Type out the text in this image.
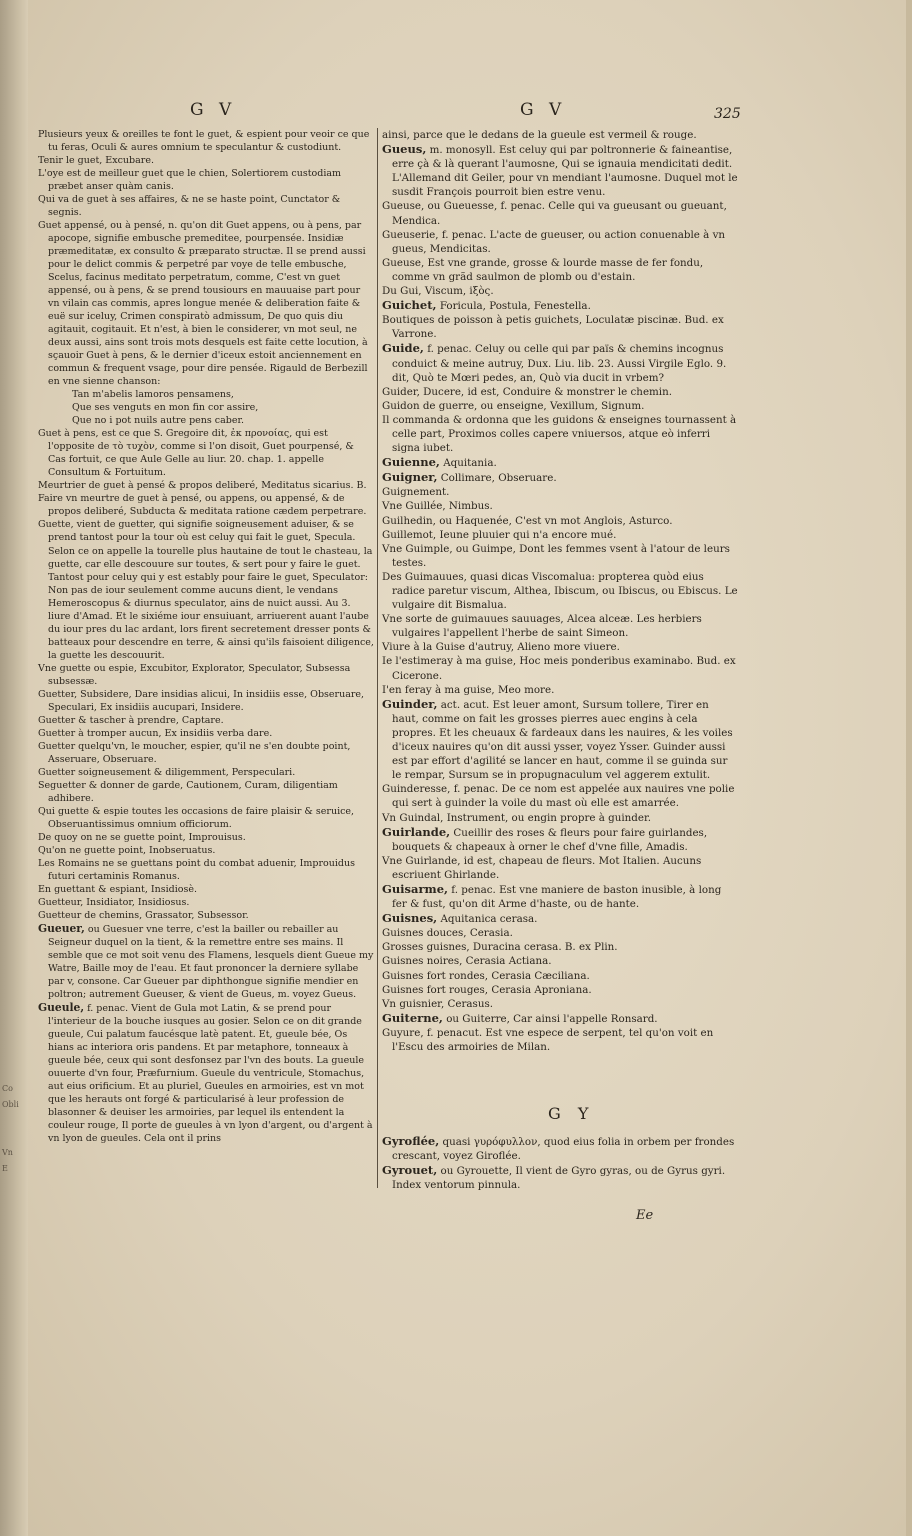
G V	G V	325
Co
Obli
Vn
E

Plusieurs yeux & oreilles te font le guet, & espient pour veoir ce que tu feras, Oculi & aures omnium te speculantur & custodiunt.

Tenir le guet, Excubare.

L'oye est de meilleur guet que le chien, Solertiorem custodiam præbet anser quàm canis.

Qui va de guet à ses affaires, & ne se haste point, Cunctator & segnis.

Guet appensé, ou à pensé, n. qu'on dit Guet appens, ou à pens, par apocope, signifie embusche premeditee, pourpensée. Insidiæ præmeditatæ, ex consulto & præparato structæ. Il se prend aussi pour le delict commis & perpetré par voye de telle embusche, Scelus, facinus meditato perpetratum, comme, C'est vn guet appensé, ou à pens, & se prend tousiours en mauuaise part pour vn vilain cas commis, apres longue menée & deliberation faite & euë sur iceluy, Crimen conspiratò admissum, De quo quis diu agitauit, cogitauit. Et n'est, à bien le considerer, vn mot seul, ne deux aussi, ains sont trois mots desquels est faite cette locution, à sçauoir Guet à pens, & le dernier d'iceux estoit anciennement en commun & frequent vsage, pour dire pensée. Rigauld de Berbezill en vne sienne chanson:

Tan m'abelis lamoros pensamens,

Que ses venguts en mon fin cor assire,

Que no i pot nuils autre pens caber.

Guet à pens, est ce que S. Gregoire dit, ἐκ προνοίας, qui est l'opposite de τὸ τυχὸν, comme si l'on disoit, Guet pourpensé, & Cas fortuit, ce que Aule Gelle au liur. 20. chap. 1. appelle Consultum & Fortuitum.

Meurtrier de guet à pensé & propos deliberé, Meditatus sicarius. B.

Faire vn meurtre de guet à pensé, ou appens, ou appensé, & de propos deliberé, Subducta & meditata ratione cædem perpetrare.

Guette, vient de guetter, qui signifie soigneusement aduiser, & se prend tantost pour la tour où est celuy qui fait le guet, Specula. Selon ce on appelle la tourelle plus hautaine de tout le chasteau, la guette, car elle descouure sur toutes, & sert pour y faire le guet. Tantost pour celuy qui y est estably pour faire le guet, Speculator: Non pas de iour seulement comme aucuns dient, le vendans Hemeroscopus & diurnus speculator, ains de nuict aussi. Au 3. liure d'Amad. Et le sixiéme iour ensuiuant, arriuerent auant l'aube du iour pres du lac ardant, lors firent secretement dresser ponts & batteaux pour descendre en terre, & ainsi qu'ils faisoient diligence, la guette les descouurit.

Vne guette ou espie, Excubitor, Explorator, Speculator, Subsessa subsessæ.

Guetter, Subsidere, Dare insidias alicui, In insidiis esse, Obseruare, Speculari, Ex insidiis aucupari, Insidere.

Guetter & tascher à prendre, Captare.

Guetter à tromper aucun, Ex insidiis verba dare.

Guetter quelqu'vn, le moucher, espier, qu'il ne s'en doubte point, Asseruare, Obseruare.

Guetter soigneusement & diligemment, Perspeculari.

Seguetter & donner de garde, Cautionem, Curam, diligentiam adhibere.

Qui guette & espie toutes les occasions de faire plaisir & seruice, Obseruantissimus omnium officiorum.

De quoy on ne se guette point, Improuisus.

Qu'on ne guette point, Inobseruatus.

Les Romains ne se guettans point du combat aduenir, Improuidus futuri certaminis Romanus.

En guettant & espiant, Insidiosè.

Guetteur, Insidiator, Insidiosus.

Guetteur de chemins, Grassator, Subsessor.

Gueuer, ou Guesuer vne terre, c'est la bailler ou rebailler au Seigneur duquel on la tient, & la remettre entre ses mains. Il semble que ce mot soit venu des Flamens, lesquels dient Gueue my Watre, Baille moy de l'eau. Et faut prononcer la derniere syllabe par v, consone. Car Gueuer par diphthongue signifie mendier en poltron; autrement Gueuser, & vient de Gueus, m. voyez Gueus.

Gueule, f. penac. Vient de Gula mot Latin, & se prend pour l'interieur de la bouche iusques au gosier. Selon ce on dit grande gueule, Cui palatum faucésque latè patent. Et, gueule bée, Os hians ac interiora oris pandens. Et par metaphore, tonneaux à gueule bée, ceux qui sont desfonsez par l'vn des bouts. La gueule ouuerte d'vn four, Præfurnium. Gueule du ventricule, Stomachus, aut eius orificium. Et au pluriel, Gueules en armoiries, est vn mot que les herauts ont forgé & particularisé à leur profession de blasonner & deuiser les armoiries, par lequel ils entendent la couleur rouge, Il porte de gueules à vn lyon d'argent, ou d'argent à vn lyon de gueules. Cela ont il prins

ainsi, parce que le dedans de la gueule est vermeil & rouge.

Gueus, m. monosyll. Est celuy qui par poltronnerie & faineantise, erre çà & là querant l'aumosne, Qui se ignauia mendicitati dedit. L'Allemand dit Geiler, pour vn mendiant l'aumosne. Duquel mot le susdit François pourroit bien estre venu.

Gueuse, ou Gueuesse, f. penac. Celle qui va gueusant ou gueuant, Mendica.

Gueuserie, f. penac. L'acte de gueuser, ou action conuenable à vn gueus, Mendicitas.

Gueuse, Est vne grande, grosse & lourde masse de fer fondu, comme vn grãd saulmon de plomb ou d'estain.

Du Gui, Viscum, iξὸς.

Guichet, Foricula, Postula, Fenestella.

Boutiques de poisson à petis guichets, Loculatæ piscinæ. Bud. ex Varrone.

Guide, f. penac. Celuy ou celle qui par païs & chemins incognus conduict & meine autruy, Dux. Liu. lib. 23. Aussi Virgile Eglo. 9. dit, Quò te Mœri pedes, an, Quò via ducit in vrbem?

Guider, Ducere, id est, Conduire & monstrer le chemin.

Guidon de guerre, ou enseigne, Vexillum, Signum.

Il commanda & ordonna que les guidons & enseignes tournassent à celle part, Proximos colles capere vniuersos, atque eò inferri signa iubet.

Guienne, Aquitania.

Guigner, Collimare, Obseruare.

Guignement.

Vne Guillée, Nimbus.

Guilhedin, ou Haquenée, C'est vn mot Anglois, Asturco.

Guillemot, Ieune pluuier qui n'a encore mué.

Vne Guimple, ou Guimpe, Dont les femmes vsent à l'atour de leurs testes.

Des Guimauues, quasi dicas Viscomalua: propterea quòd eius radice paretur viscum, Althea, Ibiscum, ou Ibiscus, ou Ebiscus. Le vulgaire dit Bismalua.

Vne sorte de guimauues sauuages, Alcea alceæ. Les herbiers vulgaires l'appellent l'herbe de saint Simeon.

Viure à la Guise d'autruy, Alieno more viuere.

Ie l'estimeray à ma guise, Hoc meis ponderibus examinabo. Bud. ex Cicerone.

I'en feray à ma guise, Meo more.

Guinder, act. acut. Est leuer amont, Sursum tollere, Tirer en haut, comme on fait les grosses pierres auec engins à cela propres. Et les cheuaux & fardeaux dans les nauires, & les voiles d'iceux nauires qu'on dit aussi ysser, voyez Ysser. Guinder aussi est par effort d'agilité se lancer en haut, comme il se guinda sur le rempar, Sursum se in propugnaculum vel aggerem extulit.

Guinderesse, f. penac. De ce nom est appelée aux nauires vne polie qui sert à guinder la voile du mast où elle est amarrée.

Vn Guindal, Instrument, ou engin propre à guinder.

Guirlande, Cueillir des roses & fleurs pour faire guirlandes, bouquets & chapeaux à orner le chef d'vne fille, Amadis.

Vne Guirlande, id est, chapeau de fleurs. Mot Italien. Aucuns escriuent Ghirlande.

Guisarme, f. penac. Est vne maniere de baston inusible, à long fer & fust, qu'on dit Arme d'haste, ou de hante.

Guisnes, Aquitanica cerasa.

Guisnes douces, Cerasia.

Grosses guisnes, Duracina cerasa. B. ex Plin.

Guisnes noires, Cerasia Actiana.

Guisnes fort rondes, Cerasia Cæciliana.

Guisnes fort rouges, Cerasia Aproniana.

Vn guisnier, Cerasus.

Guiterne, ou Guiterre, Car ainsi l'appelle Ronsard.

Guyure, f. penacut. Est vne espece de serpent, tel qu'on voit en l'Escu des armoiries de Milan.

G Y

Gyroflée, quasi γυρόφυλλον, quod eius folia in orbem per frondes crescant, voyez Giroflée.

Gyrouet, ou Gyrouette, Il vient de Gyro gyras, ou de Gyrus gyri. Index ventorum pinnula.

Ee
